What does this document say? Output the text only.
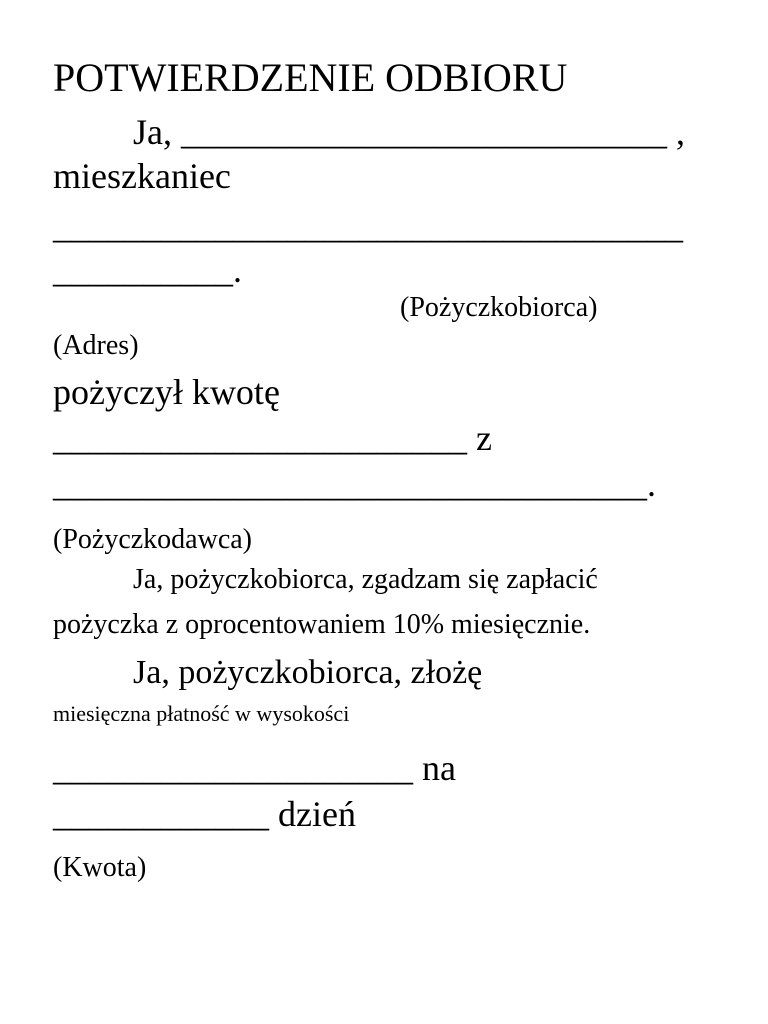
POTWIERDZENIE ODBIORU

Ja, ___________________________ ,

mieszkaniec

___________________________________

__________.

(Pożyczkobiorca)

(Adres)

pożyczył kwotę

_______________________ z

_________________________________.

(Pożyczkodawca)

Ja, pożyczkobiorca, zgadzam się zapłacić

pożyczka z oprocentowaniem 10% miesięcznie.

Ja, pożyczkobiorca, złożę

miesięczna płatność w wysokości

____________________ na

____________ dzień

(Kwota)
